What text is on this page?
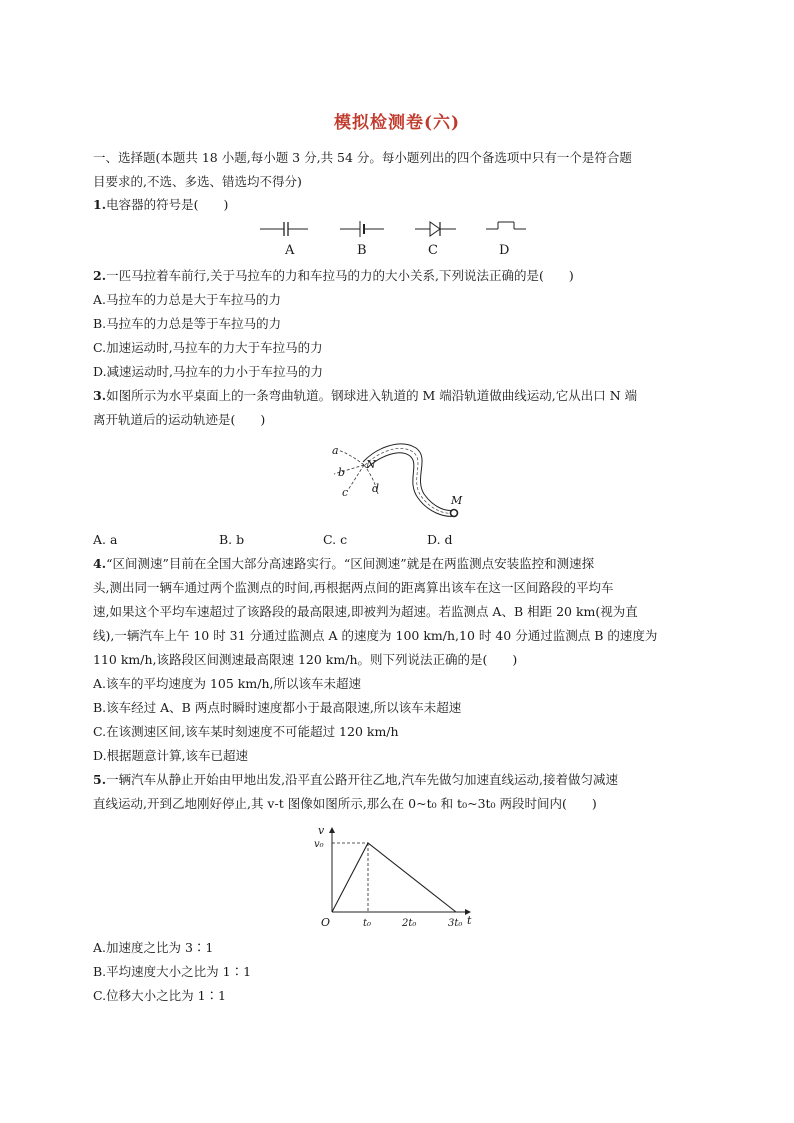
模拟检测卷(六)
一、选择题(本题共 18 小题,每小题 3 分,共 54 分。每小题列出的四个备选项中只有一个是符合题
目要求的,不选、多选、错选均不得分)
1.电容器的符号是(　　)
A	B	C	D
2.一匹马拉着车前行,关于马拉车的力和车拉马的力的大小关系,下列说法正确的是(　　)
A.马拉车的力总是大于车拉马的力
B.马拉车的力总是等于车拉马的力
C.加速运动时,马拉车的力大于车拉马的力
D.减速运动时,马拉车的力小于车拉马的力
3.如图所示为水平桌面上的一条弯曲轨道。钢球进入轨道的 M 端沿轨道做曲线运动,它从出口 N 端
离开轨道后的运动轨迹是(　　)
a
b
c d
N
M
A. a	B. b	C. c	D. d
4.“区间测速”目前在全国大部分高速路实行。“区间测速”就是在两监测点安装监控和测速探
头,测出同一辆车通过两个监测点的时间,再根据两点间的距离算出该车在这一区间路段的平均车
速,如果这个平均车速超过了该路段的最高限速,即被判为超速。若监测点 A、B 相距 20 km(视为直
线),一辆汽车上午 10 时 31 分通过监测点 A 的速度为 100 km/h,10 时 40 分通过监测点 B 的速度为
110 km/h,该路段区间测速最高限速 120 km/h。则下列说法正确的是(　　)
A.该车的平均速度为 105 km/h,所以该车未超速
B.该车经过 A、B 两点时瞬时速度都小于最高限速,所以该车未超速
C.在该测速区间,该车某时刻速度不可能超过 120 km/h
D.根据题意计算,该车已超速
5.一辆汽车从静止开始由甲地出发,沿平直公路开往乙地,汽车先做匀加速直线运动,接着做匀减速
直线运动,开到乙地刚好停止,其 v-t 图像如图所示,那么在 0~t₀ 和 t₀~3t₀ 两段时间内(　　)
v
t
v₀
O	t₀	2t₀	3t₀
A.加速度之比为 3∶1
B.平均速度大小之比为 1∶1
C.位移大小之比为 1∶1
